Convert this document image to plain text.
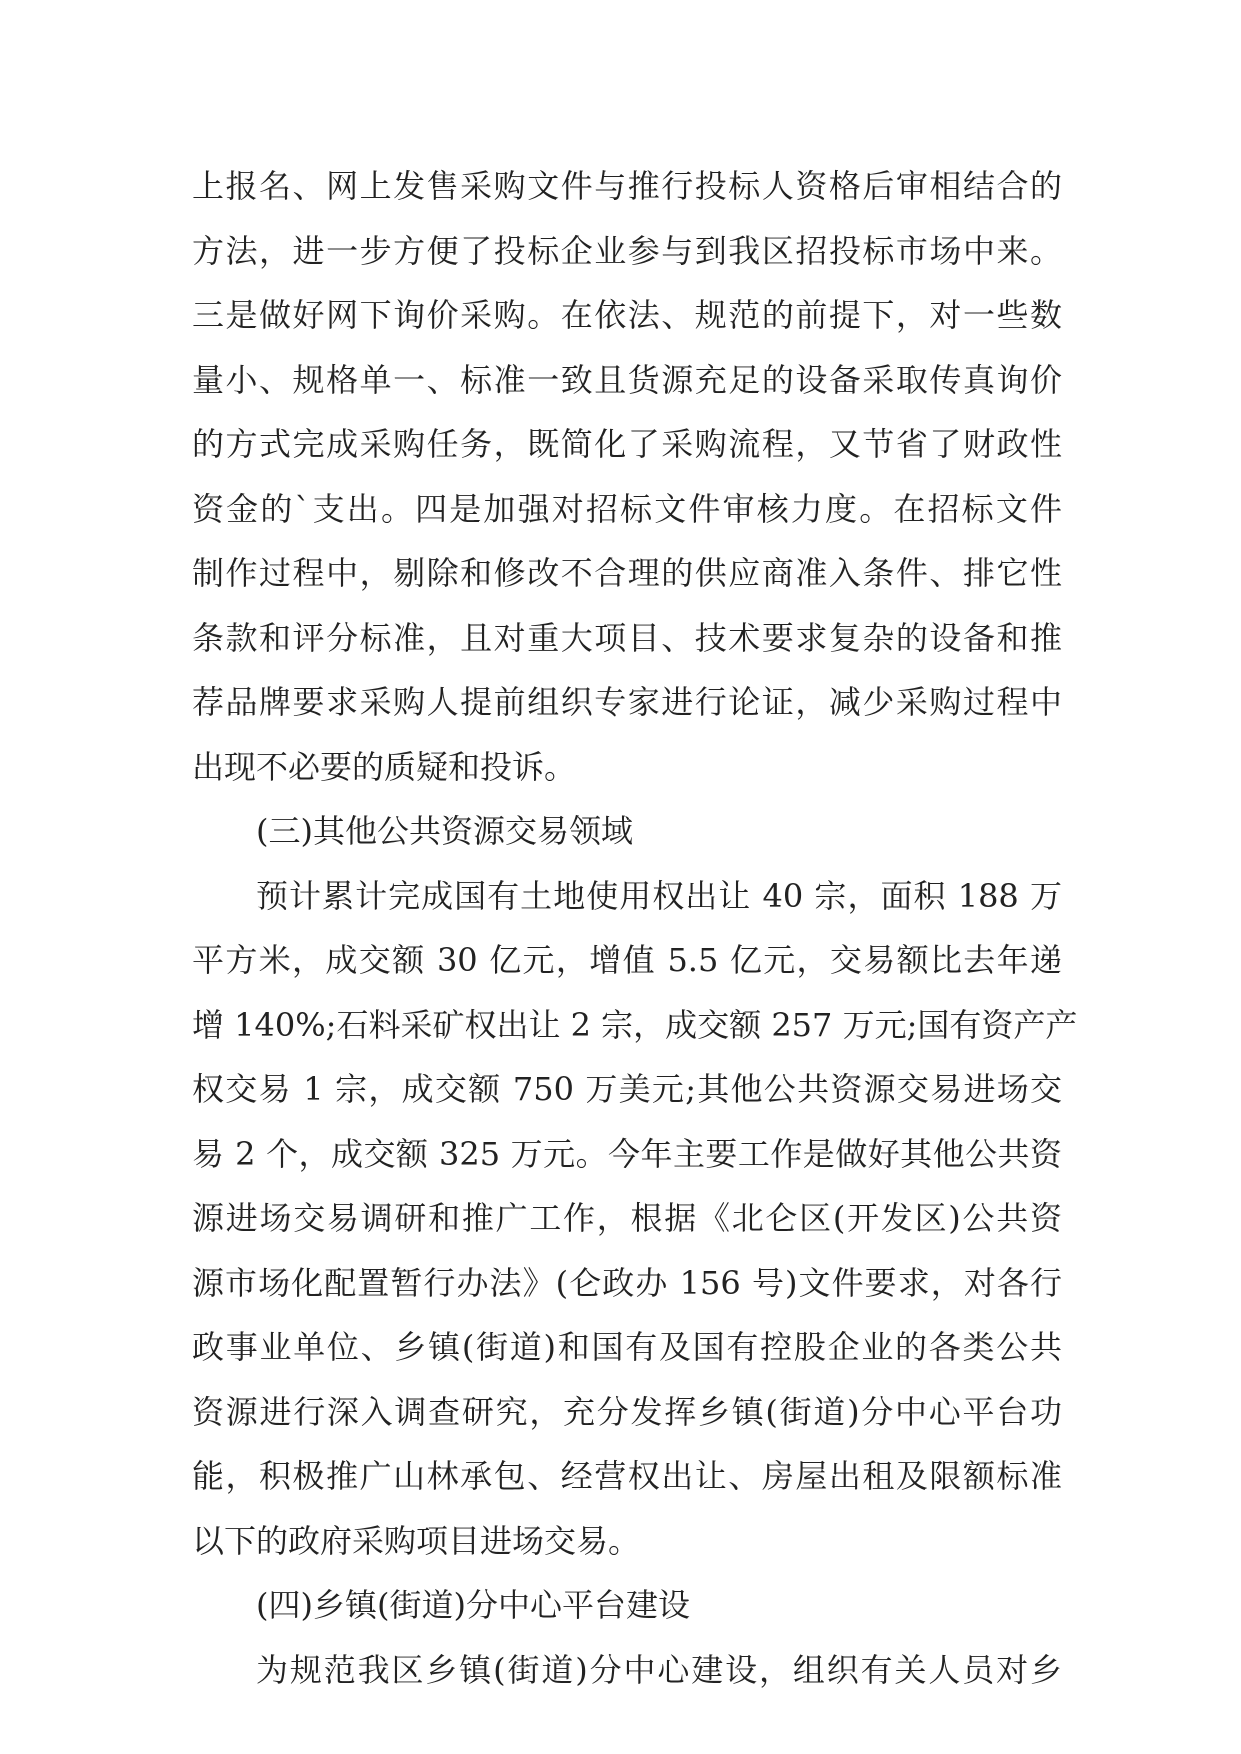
上报名、网上发售采购文件与推行投标人资格后审相结合的
方法，进一步方便了投标企业参与到我区招投标市场中来。
三是做好网下询价采购。在依法、规范的前提下，对一些数
量小、规格单一、标准一致且货源充足的设备采取传真询价
的方式完成采购任务，既简化了采购流程，又节省了财政性
资金的`支出。四是加强对招标文件审核力度。在招标文件
制作过程中，剔除和修改不合理的供应商准入条件、排它性
条款和评分标准，且对重大项目、技术要求复杂的设备和推
荐品牌要求采购人提前组织专家进行论证，减少采购过程中
出现不必要的质疑和投诉。
(三)其他公共资源交易领域
预计累计完成国有土地使用权出让 40 宗，面积 188 万
平方米，成交额 30 亿元，增值 5.5 亿元，交易额比去年递
增 140%;石料采矿权出让 2 宗，成交额 257 万元;国有资产产
权交易 1 宗，成交额 750 万美元;其他公共资源交易进场交
易 2 个，成交额 325 万元。今年主要工作是做好其他公共资
源进场交易调研和推广工作，根据《北仑区(开发区)公共资
源市场化配置暂行办法》(仑政办 156 号)文件要求，对各行
政事业单位、乡镇(街道)和国有及国有控股企业的各类公共
资源进行深入调查研究，充分发挥乡镇(街道)分中心平台功
能，积极推广山林承包、经营权出让、房屋出租及限额标准
以下的政府采购项目进场交易。
(四)乡镇(街道)分中心平台建设
为规范我区乡镇(街道)分中心建设，组织有关人员对乡
